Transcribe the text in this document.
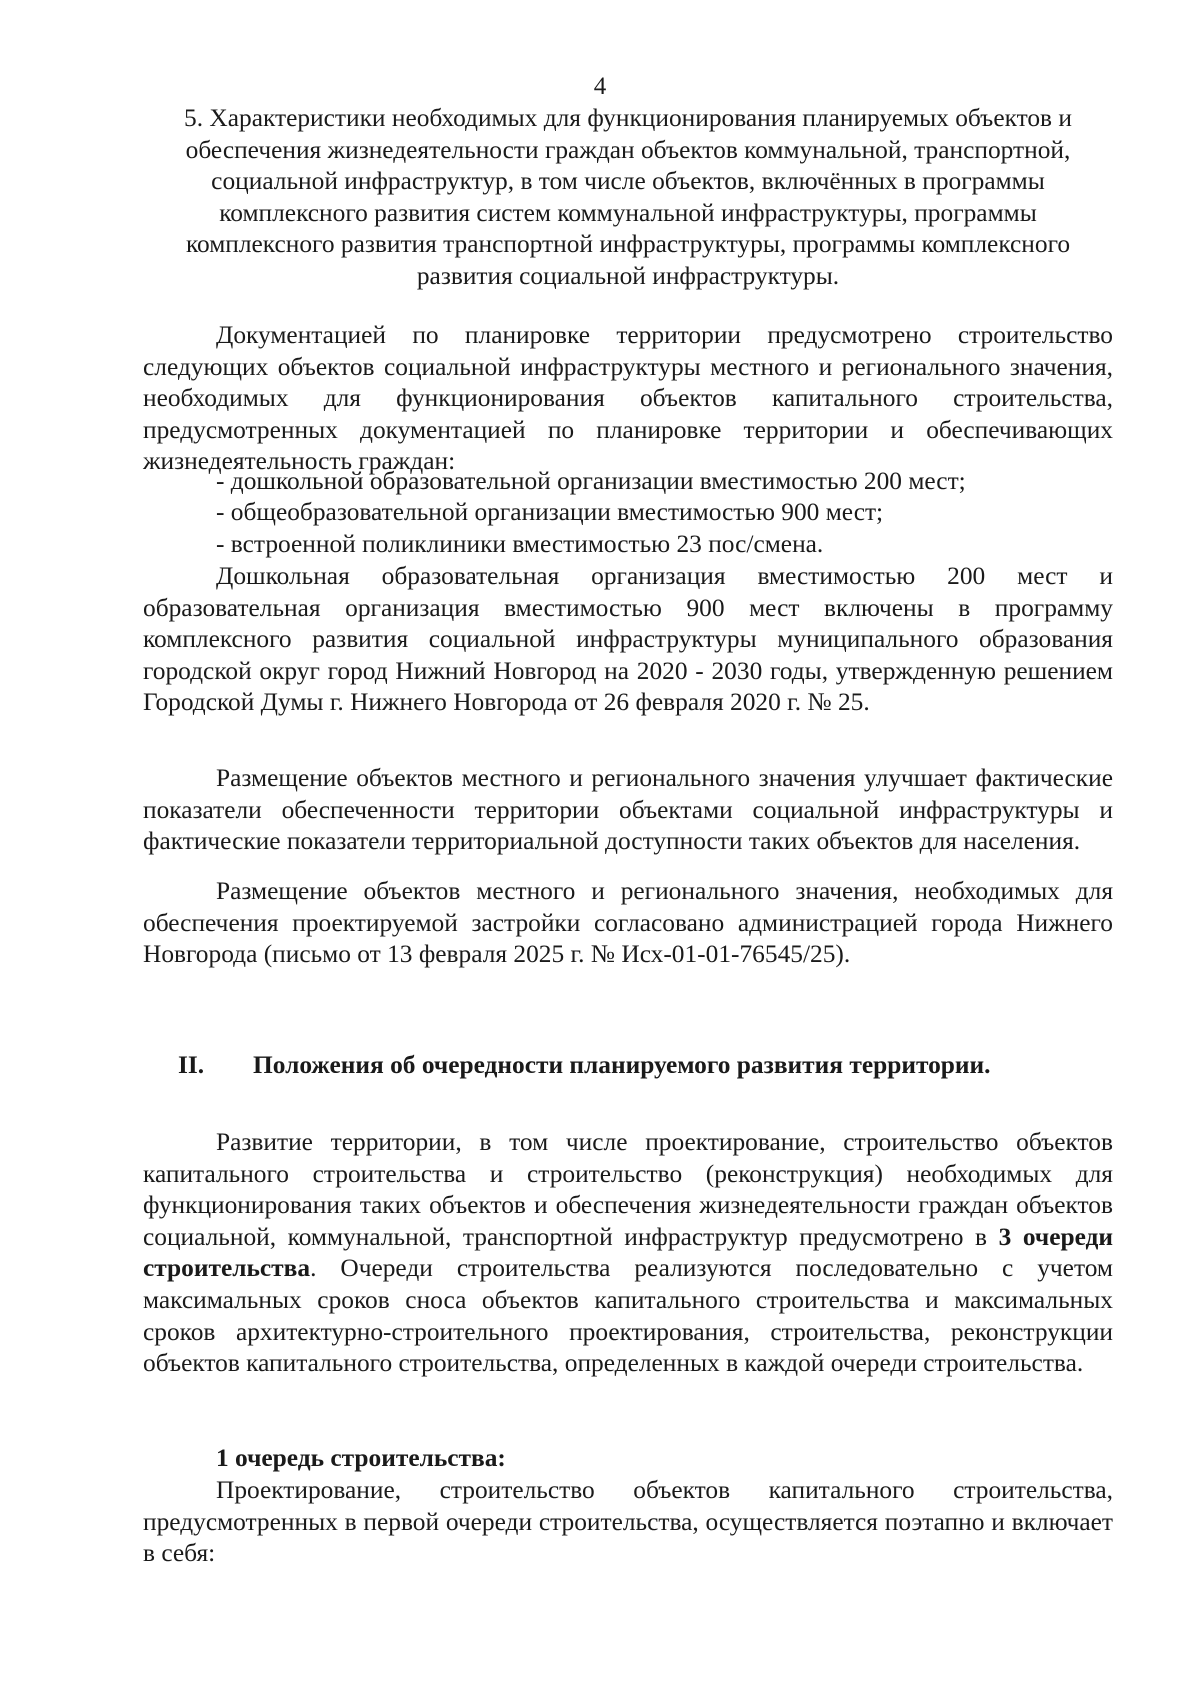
4
5. Характеристики необходимых для функционирования планируемых объектов и обеспечения жизнедеятельности граждан объектов коммунальной, транспортной, социальной инфраструктур, в том числе объектов, включённых в программы комплексного развития систем коммунальной инфраструктуры, программы комплексного развития транспортной инфраструктуры, программы комплексного развития социальной инфраструктуры.

Документацией по планировке территории предусмотрено строительство следующих объектов социальной инфраструктуры местного и регионального значения, необходимых для функционирования объектов капитального строительства, предусмотренных документацией по планировке территории и обеспечивающих жизнедеятельность граждан:

- дошкольной образовательной организации вместимостью 200 мест;
- общеобразовательной организации вместимостью 900 мест;
- встроенной поликлиники вместимостью 23 пос/смена.

Дошкольная образовательная организация вместимостью 200 мест и образовательная организация вместимостью 900 мест включены в программу комплексного развития социальной инфраструктуры муниципального образования городской округ город Нижний Новгород на 2020 - 2030 годы, утвержденную решением Городской Думы г. Нижнего Новгорода от 26 февраля 2020 г. № 25.

Размещение объектов местного и регионального значения улучшает фактические показатели обеспеченности территории объектами социальной инфраструктуры и фактические показатели территориальной доступности таких объектов для населения.

Размещение объектов местного и регионального значения, необходимых для обеспечения проектируемой застройки согласовано администрацией города Нижнего Новгорода (письмо от 13 февраля 2025 г. № Исх-01-01-76545/25).

II. Положения об очередности планируемого развития территории.

Развитие территории, в том числе проектирование, строительство объектов капитального строительства и строительство (реконструкция) необходимых для функционирования таких объектов и обеспечения жизнедеятельности граждан объектов социальной, коммунальной, транспортной инфраструктур предусмотрено в 3 очереди строительства. Очереди строительства реализуются последовательно с учетом максимальных сроков сноса объектов капитального строительства и максимальных сроков архитектурно-строительного проектирования, строительства, реконструкции объектов капитального строительства, определенных в каждой очереди строительства.

1 очередь строительства:

Проектирование, строительство объектов капитального строительства, предусмотренных в первой очереди строительства, осуществляется поэтапно и включает в себя:
